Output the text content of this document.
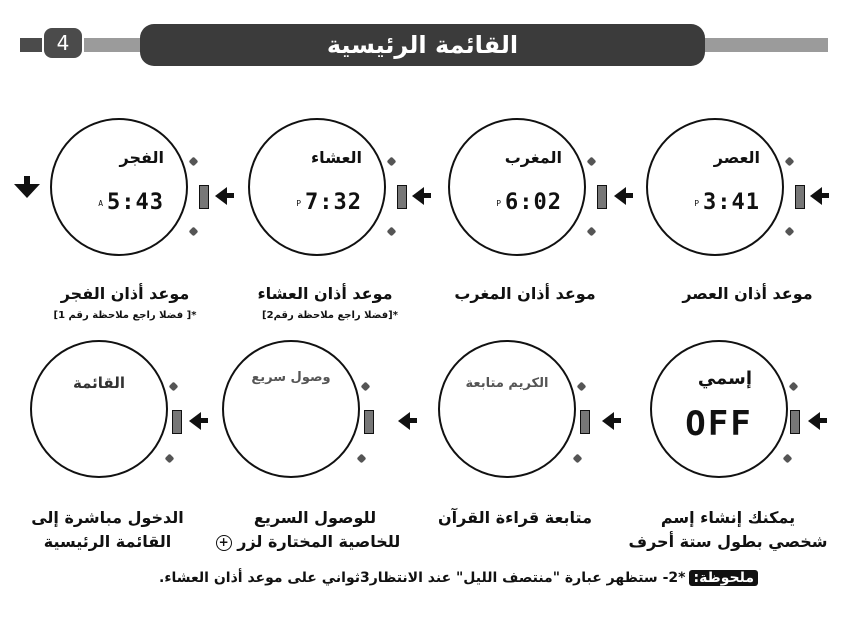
4	القائمة الرئيسية
العصر
P 3:41
المغرب
P 6:02
العشاء
P 7:32
الفجر
A 5:43
موعد أذان العصر
موعد أذان المغرب
موعد أذان العشاء
*[فضلا راجع ملاحظة رقم2]
موعد أذان الفجر
*[ فضلا راجع ملاحظة رقم 1]
إسمي
OFF
الكريم متابعة
وصول سريع
القائمة
يمكنك إنشاء إسم
شخصي بطول ستة أحرف
متابعة قراءة القرآن
للوصول السريع
للخاصية المختارة لزر +
الدخول مباشرة إلى
القائمة الرئيسية
ملحوظة:*2- ستظهر عبارة "منتصف الليل" عند الانتظار3ثواني على موعد أذان العشاء.
